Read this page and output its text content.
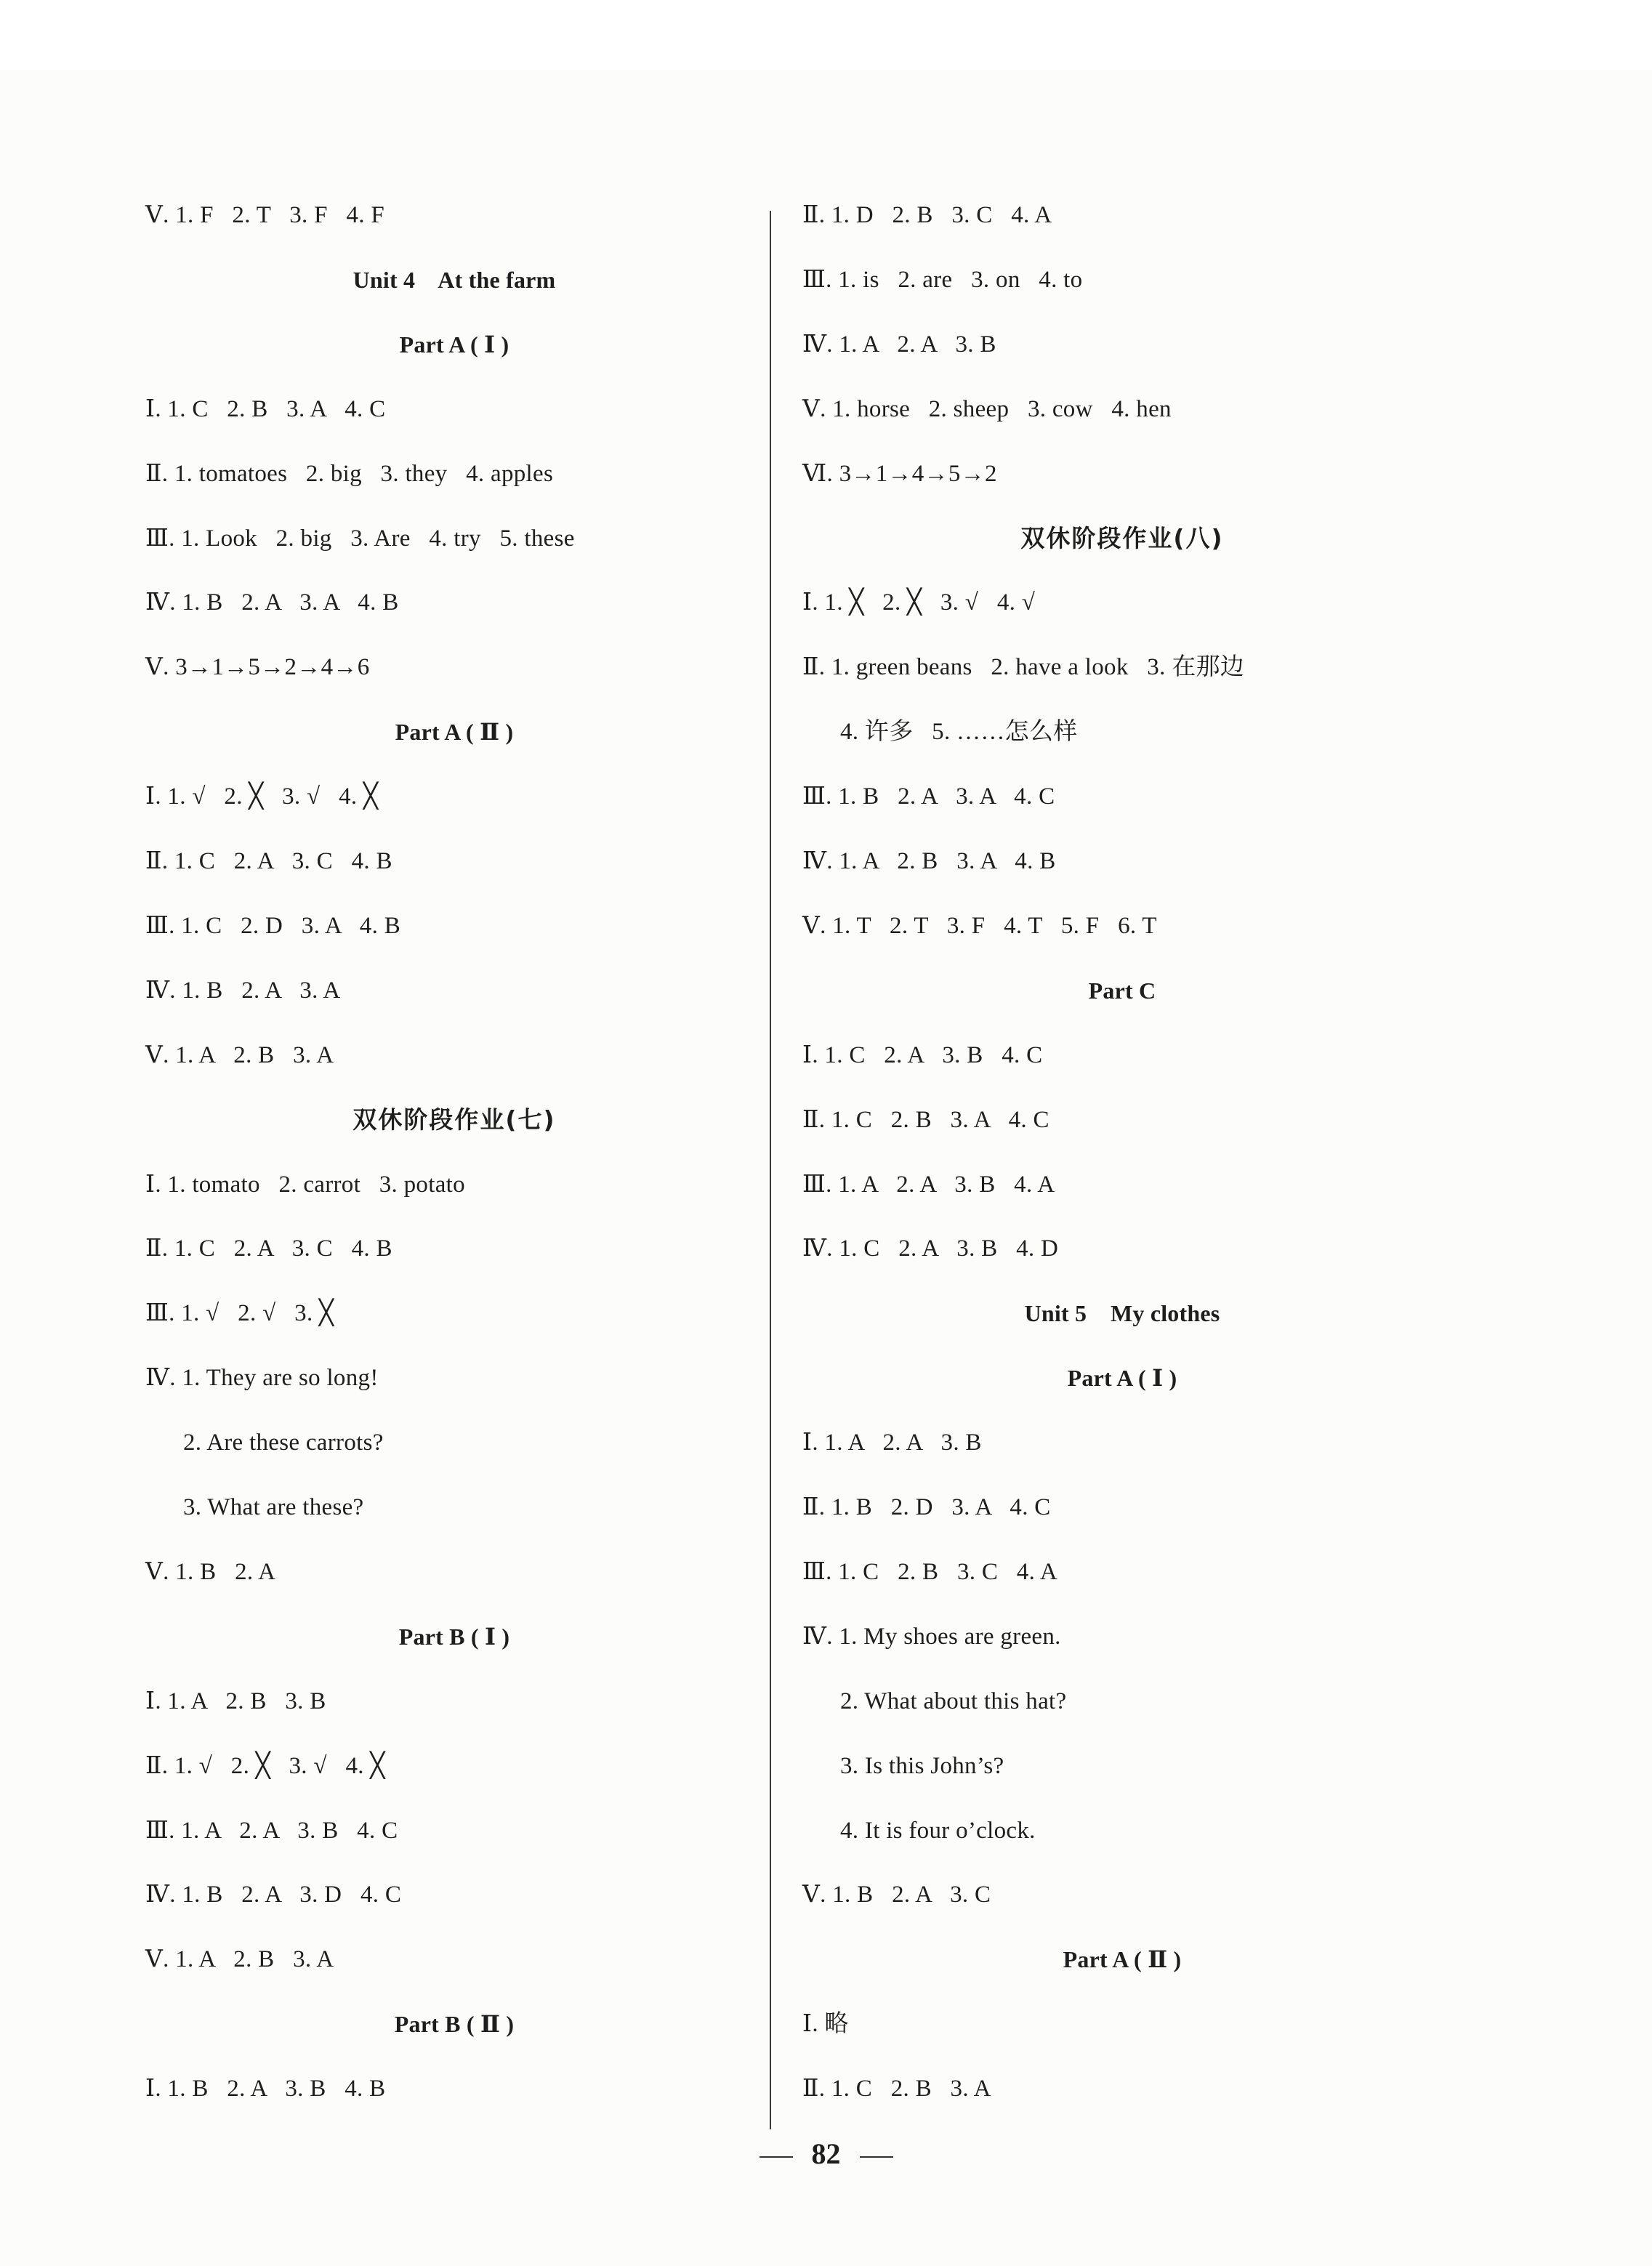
Ⅴ. 1. F   2. T   3. F   4. F
Unit 4    At the farm
Part A ( Ⅰ )
Ⅰ. 1. C   2. B   3. A   4. C
Ⅱ. 1. tomatoes   2. big   3. they   4. apples
Ⅲ. 1. Look   2. big   3. Are   4. try   5. these
Ⅳ. 1. B   2. A   3. A   4. B
Ⅴ. 3→1→5→2→4→6
Part A ( Ⅱ )
Ⅰ. 1. √   2. ╳   3. √   4. ╳
Ⅱ. 1. C   2. A   3. C   4. B
Ⅲ. 1. C   2. D   3. A   4. B
Ⅳ. 1. B   2. A   3. A
Ⅴ. 1. A   2. B   3. A
双休阶段作业(七)
Ⅰ. 1. tomato   2. carrot   3. potato
Ⅱ. 1. C   2. A   3. C   4. B
Ⅲ. 1. √   2. √   3. ╳
Ⅳ. 1. They are so long!
2. Are these carrots?
3. What are these?
Ⅴ. 1. B   2. A
Part B ( Ⅰ )
Ⅰ. 1. A   2. B   3. B
Ⅱ. 1. √   2. ╳   3. √   4. ╳
Ⅲ. 1. A   2. A   3. B   4. C
Ⅳ. 1. B   2. A   3. D   4. C
Ⅴ. 1. A   2. B   3. A
Part B ( Ⅱ )
Ⅰ. 1. B   2. A   3. B   4. B
Ⅱ. 1. D   2. B   3. C   4. A
Ⅲ. 1. is   2. are   3. on   4. to
Ⅳ. 1. A   2. A   3. B
Ⅴ. 1. horse   2. sheep   3. cow   4. hen
Ⅵ. 3→1→4→5→2
双休阶段作业(八)
Ⅰ. 1. ╳   2. ╳   3. √   4. √
Ⅱ. 1. green beans   2. have a look   3. 在那边
4. 许多   5. ……怎么样
Ⅲ. 1. B   2. A   3. A   4. C
Ⅳ. 1. A   2. B   3. A   4. B
Ⅴ. 1. T   2. T   3. F   4. T   5. F   6. T
Part C
Ⅰ. 1. C   2. A   3. B   4. C
Ⅱ. 1. C   2. B   3. A   4. C
Ⅲ. 1. A   2. A   3. B   4. A
Ⅳ. 1. C   2. A   3. B   4. D
Unit 5    My clothes
Part A ( Ⅰ )
Ⅰ. 1. A   2. A   3. B
Ⅱ. 1. B   2. D   3. A   4. C
Ⅲ. 1. C   2. B   3. C   4. A
Ⅳ. 1. My shoes are green.
2. What about this hat?
3. Is this John’s?
4. It is four o’clock.
Ⅴ. 1. B   2. A   3. C
Part A ( Ⅱ )
Ⅰ. 略
Ⅱ. 1. C   2. B   3. A
82
